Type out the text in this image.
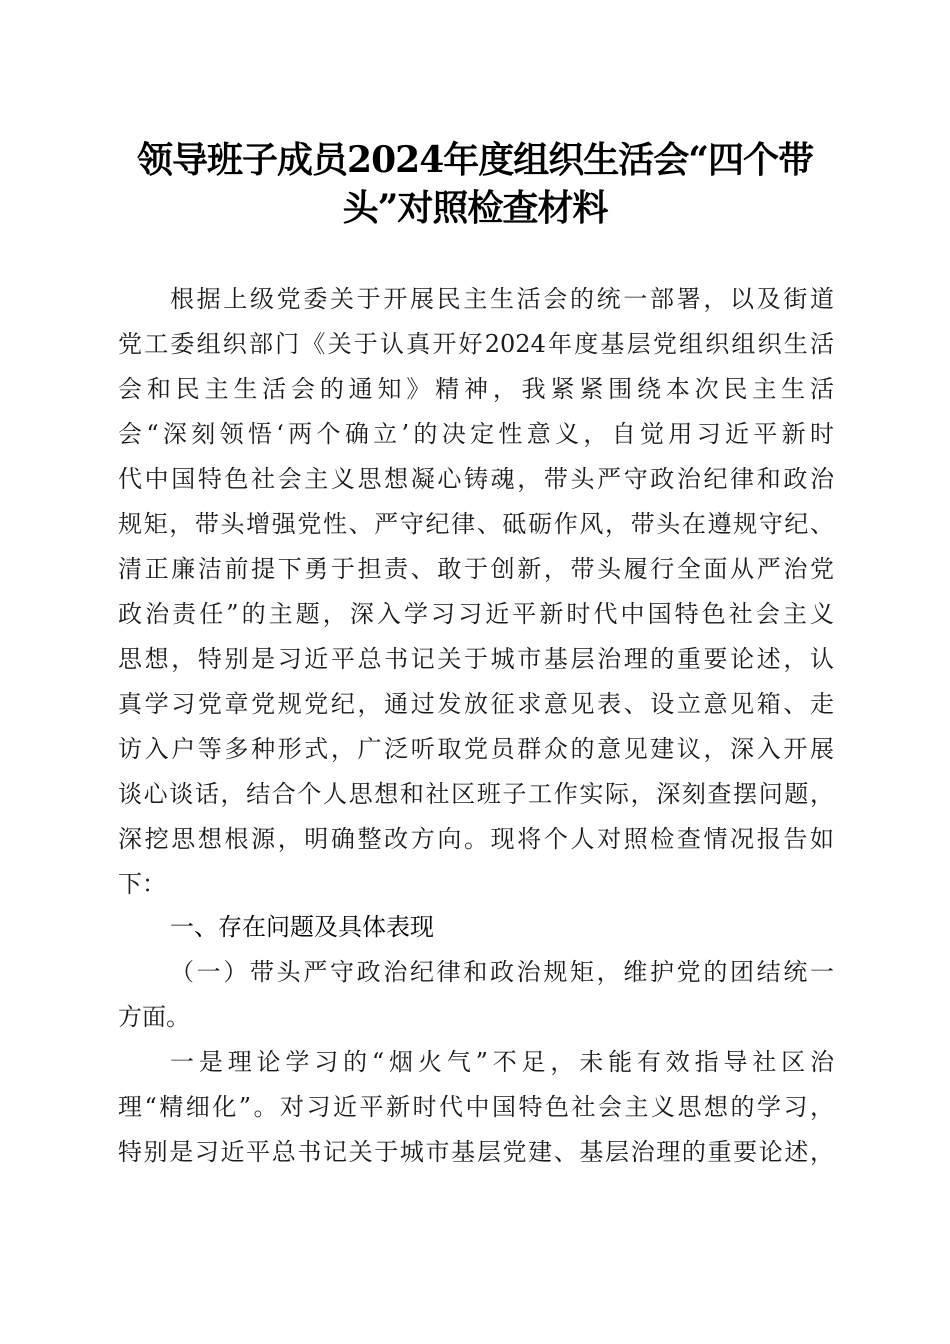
领导班子成员2024年度组织生活会“四个带
头”对照检查材料
根据上级党委关于开展民主生活会的统一部署，以及街道
党工委组织部门《关于认真开好2024年度基层党组织组织生活
会和民主生活会的通知》精神，我紧紧围绕本次民主生活
会“深刻领悟‘两个确立’的决定性意义，自觉用习近平新时
代中国特色社会主义思想凝心铸魂，带头严守政治纪律和政治
规矩，带头增强党性、严守纪律、砥砺作风，带头在遵规守纪、
清正廉洁前提下勇于担责、敢于创新，带头履行全面从严治党
政治责任”的主题，深入学习习近平新时代中国特色社会主义
思想，特别是习近平总书记关于城市基层治理的重要论述，认
真学习党章党规党纪，通过发放征求意见表、设立意见箱、走
访入户等多种形式，广泛听取党员群众的意见建议，深入开展
谈心谈话，结合个人思想和社区班子工作实际，深刻查摆问题，
深挖思想根源，明确整改方向。现将个人对照检查情况报告如
下：
一、存在问题及具体表现
（一）带头严守政治纪律和政治规矩，维护党的团结统一
方面。
一是理论学习的“烟火气”不足，未能有效指导社区治
理“精细化”。对习近平新时代中国特色社会主义思想的学习，
特别是习近平总书记关于城市基层党建、基层治理的重要论述，
